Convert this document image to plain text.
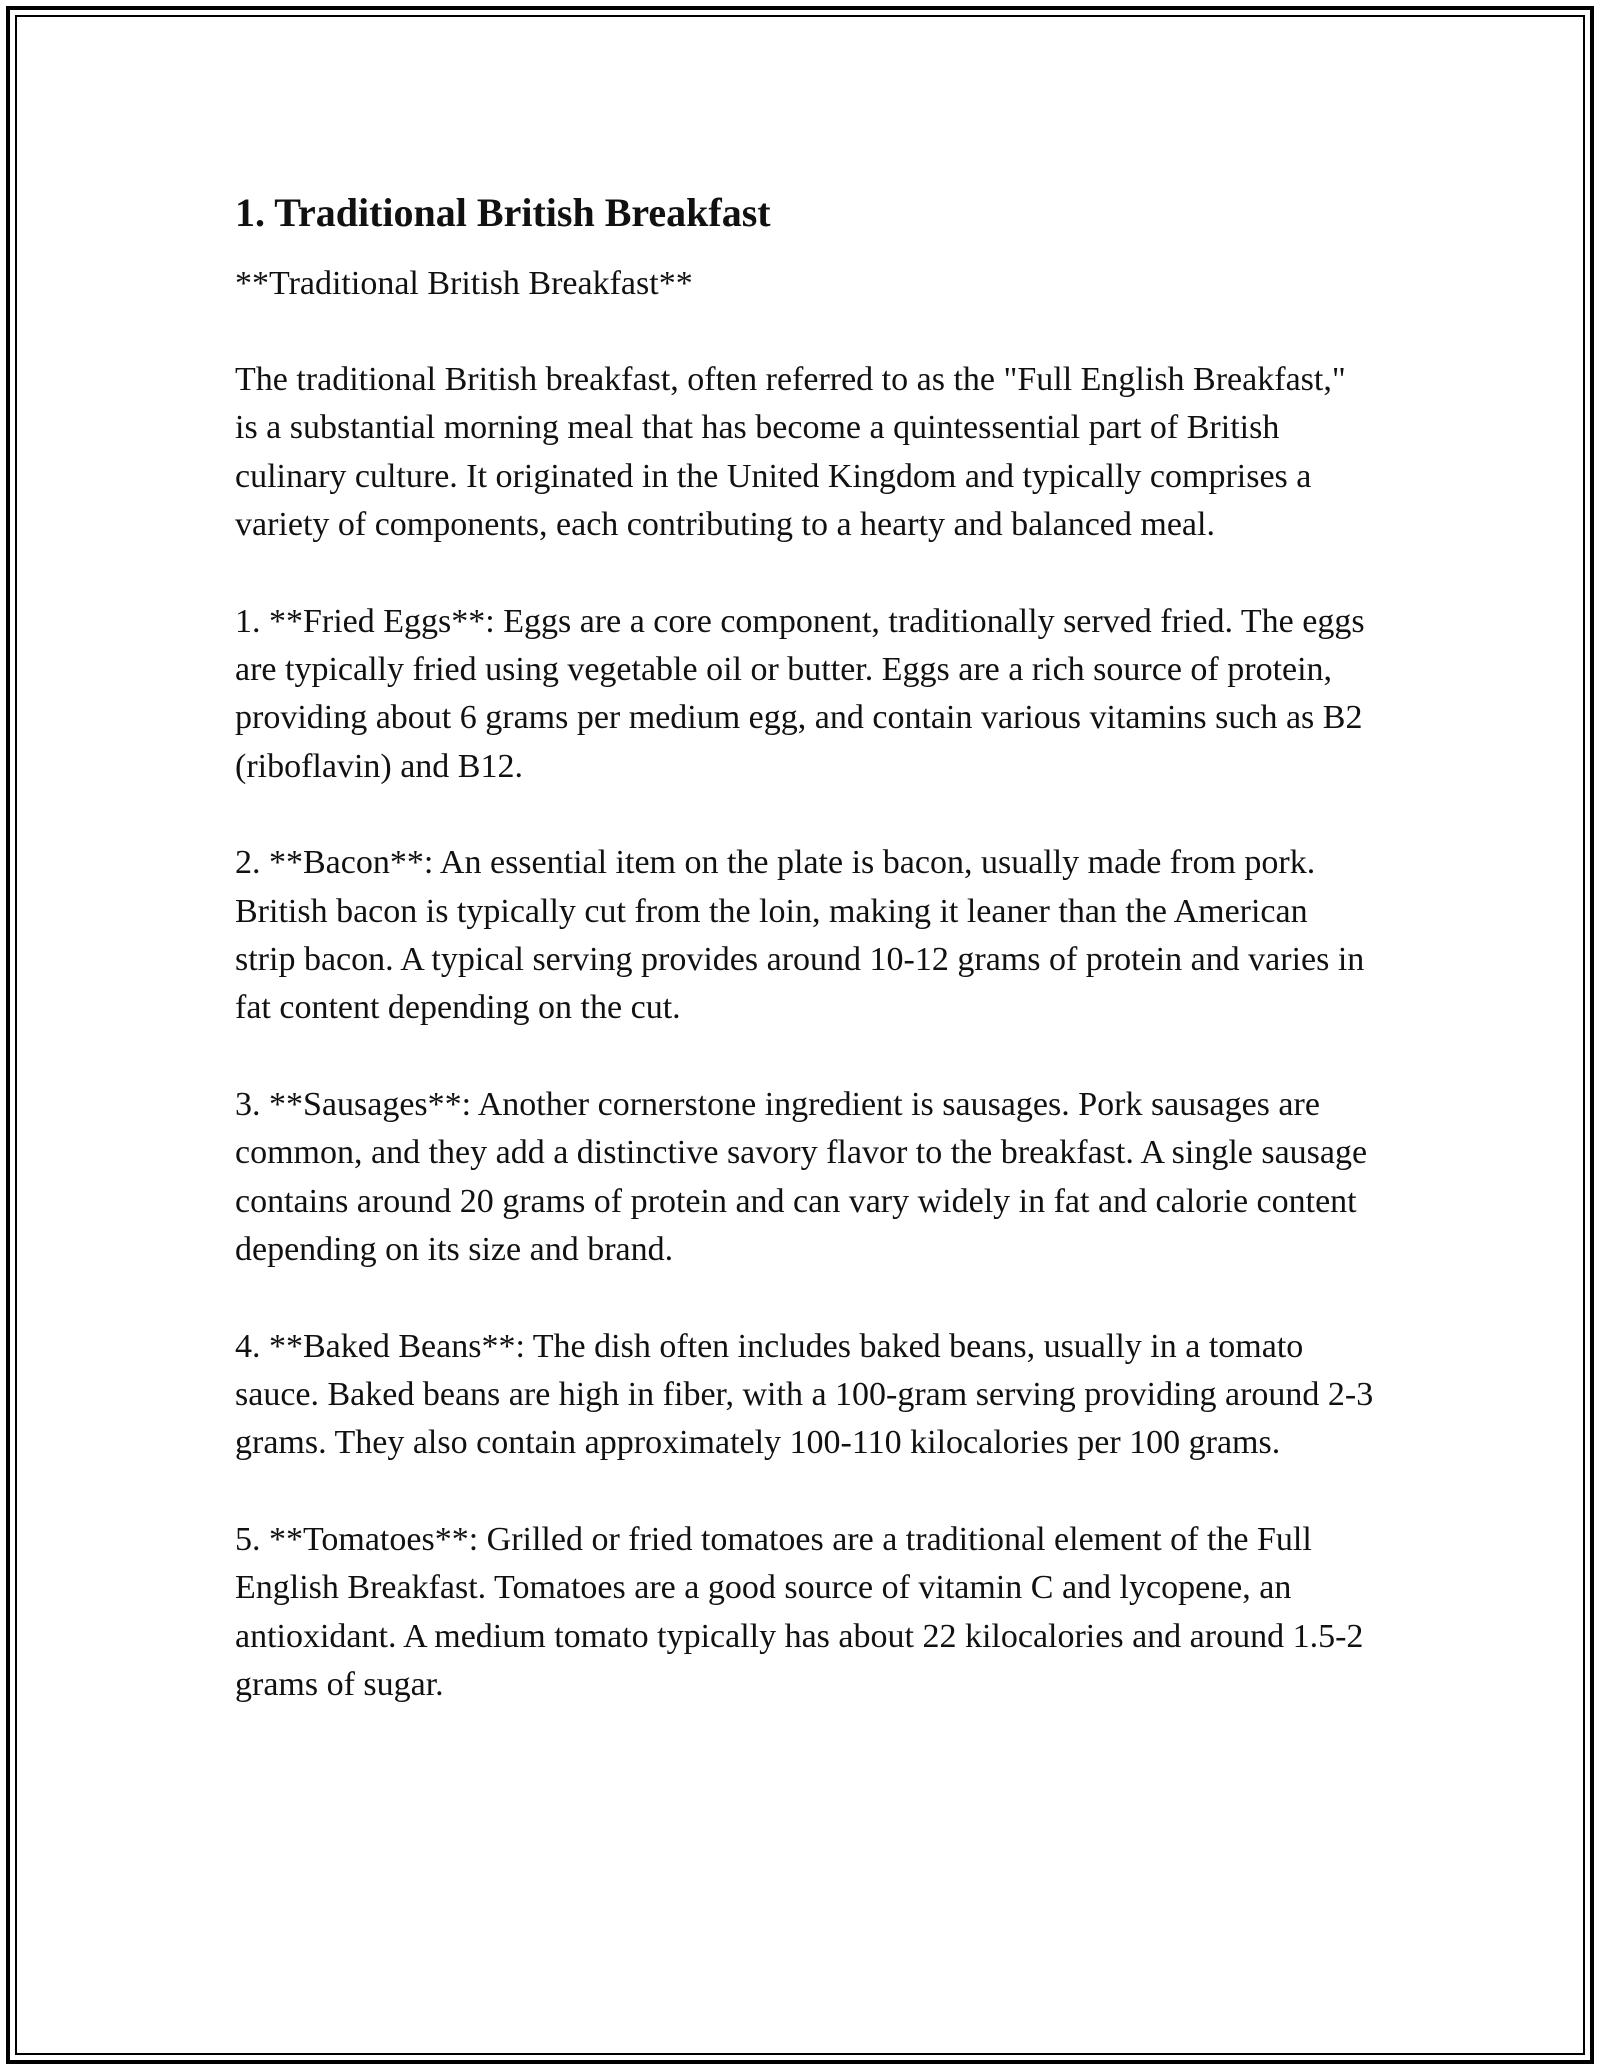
1. Traditional British Breakfast

**Traditional British Breakfast**

The traditional British breakfast, often referred to as the "Full English Breakfast," is a substantial morning meal that has become a quintessential part of British culinary culture. It originated in the United Kingdom and typically comprises a variety of components, each contributing to a hearty and balanced meal.

1. **Fried Eggs**: Eggs are a core component, traditionally served fried. The eggs are typically fried using vegetable oil or butter. Eggs are a rich source of protein, providing about 6 grams per medium egg, and contain various vitamins such as B2 (riboflavin) and B12.

2. **Bacon**: An essential item on the plate is bacon, usually made from pork. British bacon is typically cut from the loin, making it leaner than the American strip bacon. A typical serving provides around 10-12 grams of protein and varies in fat content depending on the cut.

3. **Sausages**: Another cornerstone ingredient is sausages. Pork sausages are common, and they add a distinctive savory flavor to the breakfast. A single sausage contains around 20 grams of protein and can vary widely in fat and calorie content depending on its size and brand.

4. **Baked Beans**: The dish often includes baked beans, usually in a tomato sauce. Baked beans are high in fiber, with a 100-gram serving providing around 2-3 grams. They also contain approximately 100-110 kilocalories per 100 grams.

5. **Tomatoes**: Grilled or fried tomatoes are a traditional element of the Full English Breakfast. Tomatoes are a good source of vitamin C and lycopene, an antioxidant. A medium tomato typically has about 22 kilocalories and around 1.5-2 grams of sugar.
